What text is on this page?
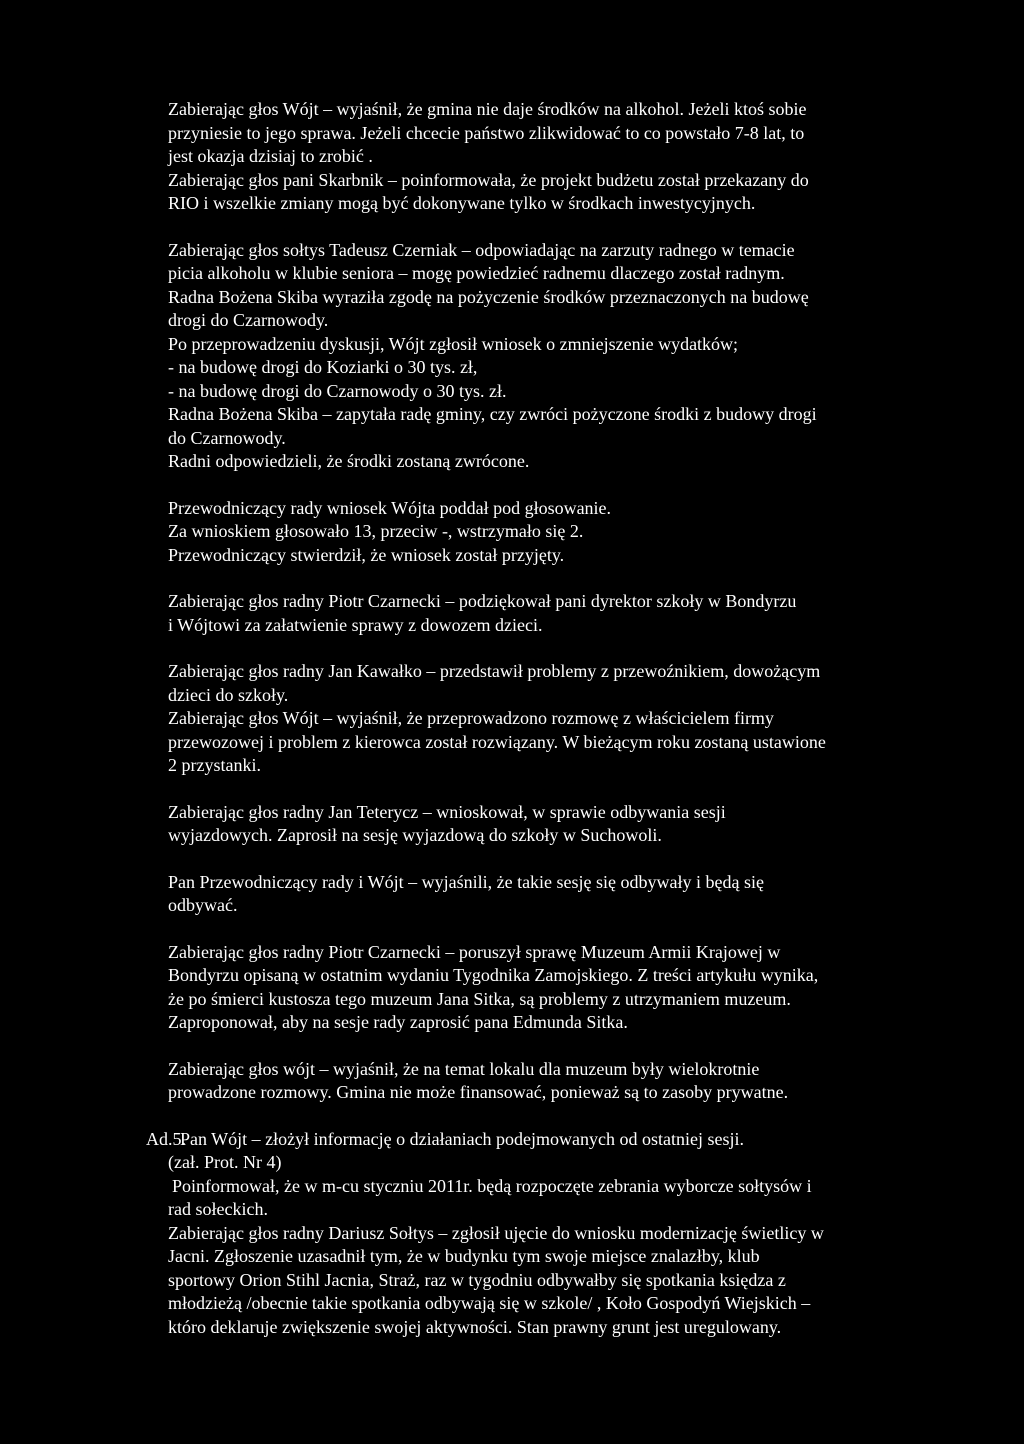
Zabierając głos Wójt – wyjaśnił, że gmina nie daje środków na alkohol. Jeżeli ktoś sobie

przyniesie to jego sprawa. Jeżeli chcecie państwo zlikwidować to co powstało 7-8 lat, to

jest okazja dzisiaj to zrobić .

Zabierając głos pani Skarbnik – poinformowała, że projekt budżetu został przekazany do

RIO i wszelkie zmiany mogą być dokonywane tylko w środkach inwestycyjnych.

Zabierając głos sołtys Tadeusz Czerniak – odpowiadając na zarzuty radnego w temacie

picia alkoholu w klubie seniora – mogę powiedzieć radnemu dlaczego został radnym.

Radna Bożena Skiba wyraziła zgodę na pożyczenie środków przeznaczonych na budowę

drogi do Czarnowody.

Po przeprowadzeniu dyskusji, Wójt zgłosił wniosek o zmniejszenie wydatków;

- na budowę drogi do Koziarki o 30 tys. zł,

- na budowę drogi do Czarnowody o 30 tys. zł.

Radna Bożena Skiba – zapytała radę gminy, czy zwróci pożyczone środki z budowy drogi

do Czarnowody.

Radni odpowiedzieli, że środki zostaną zwrócone.

Przewodniczący rady wniosek Wójta poddał pod głosowanie.

Za wnioskiem głosowało 13, przeciw -, wstrzymało się 2.

Przewodniczący stwierdził, że wniosek został przyjęty.

Zabierając głos radny Piotr Czarnecki – podziękował pani dyrektor szkoły w Bondyrzu

i Wójtowi za załatwienie sprawy z dowozem dzieci.

Zabierając głos radny Jan Kawałko – przedstawił problemy z przewoźnikiem, dowożącym

dzieci do szkoły.

Zabierając głos Wójt – wyjaśnił, że przeprowadzono rozmowę z właścicielem firmy

przewozowej i problem z kierowca został rozwiązany. W bieżącym roku zostaną ustawione

2 przystanki.

Zabierając głos radny Jan Teterycz – wnioskował, w sprawie odbywania sesji

wyjazdowych. Zaprosił na sesję wyjazdową do szkoły w Suchowoli.

Pan Przewodniczący rady i Wójt – wyjaśnili, że takie sesję się odbywały i będą się

odbywać.

Zabierając głos radny Piotr Czarnecki – poruszył sprawę Muzeum Armii Krajowej w

Bondyrzu opisaną w ostatnim wydaniu Tygodnika Zamojskiego. Z treści artykułu wynika,

że po śmierci kustosza tego muzeum Jana Sitka, są problemy z utrzymaniem muzeum.

Zaproponował, aby na sesje rady zaprosić pana Edmunda Sitka.

Zabierając głos wójt – wyjaśnił, że na temat lokalu dla muzeum były wielokrotnie

prowadzone rozmowy. Gmina nie może finansować, ponieważ są to zasoby prywatne.

Ad.5.

Pan Wójt – złożył informację o działaniach podejmowanych od ostatniej sesji.

(zał. Prot. Nr 4)

Poinformował, że w m-cu styczniu 2011r. będą rozpoczęte zebrania wyborcze sołtysów i

rad sołeckich.

Zabierając głos radny Dariusz Sołtys – zgłosił ujęcie do wniosku modernizację świetlicy w

Jacni. Zgłoszenie uzasadnił tym, że w budynku tym swoje miejsce znalazłby, klub

sportowy Orion Stihl Jacnia, Straż, raz w tygodniu odbywałby się spotkania księdza z

młodzieżą /obecnie takie spotkania odbywają się w szkole/ , Koło Gospodyń Wiejskich –

któro deklaruje zwiększenie swojej aktywności. Stan prawny grunt jest uregulowany.
